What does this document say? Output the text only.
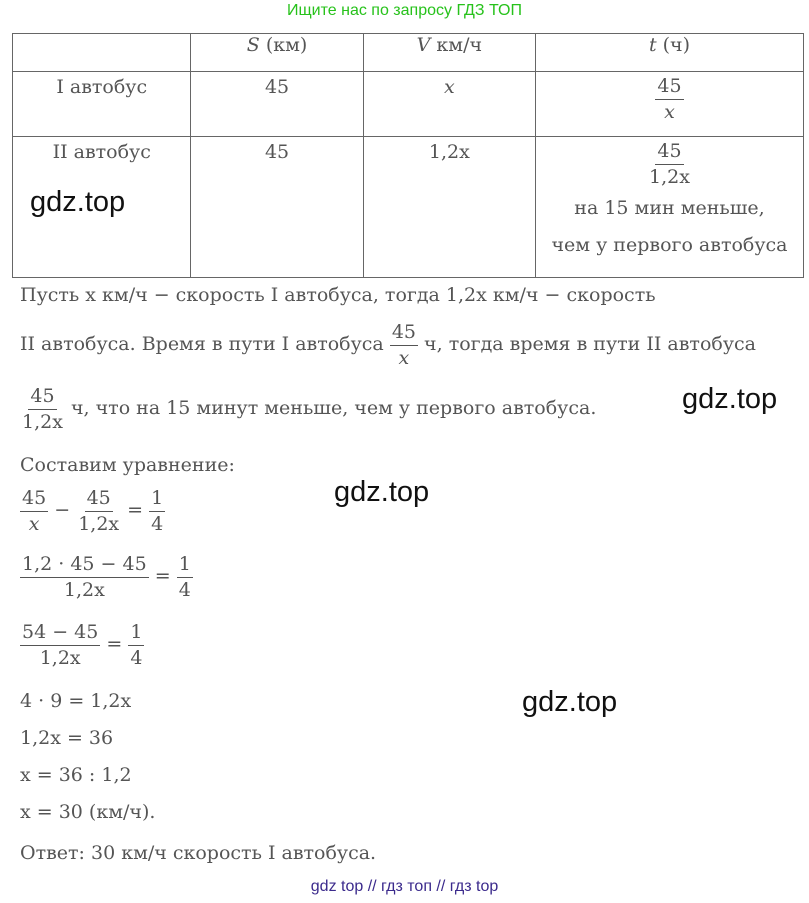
Ищите нас по запросу ГДЗ ТОП
	S (км)	V км/ч	t (ч)

I автобус	45	x	$\frac{45}{x}$

II автобус	45	1,2x	$\frac{45}{1,2x}$
на 15 мин меньше,
чем у первого автобуса
gdz.top
gdz.top
gdz.top
gdz.top
Пусть x км/ч − скорость I автобуса, тогда 1,2x км/ч − скорость
II автобуса. Время в пути I автобуса $\frac{45}{x} ч$, тогда время в пути II автобуса
$\frac{45}{1,2x} ч$, что на 15 минут меньше, чем у первого автобуса.
Составим уравнение:
$\frac{45}{x} - \frac{45}{1,2x} = \frac{1}{4}$
$\frac{1,2 \cdot 45 - 45}{1,2x} = \frac{1}{4}$
$\frac{54 - 45}{1,2x} = \frac{1}{4}$
4 · 9 = 1,2x
1,2x = 36
x = 36 : 1,2
x = 30 (км/ч).
Ответ: 30 км/ч скорость I автобуса.
gdz top // гдз топ // гдз top
